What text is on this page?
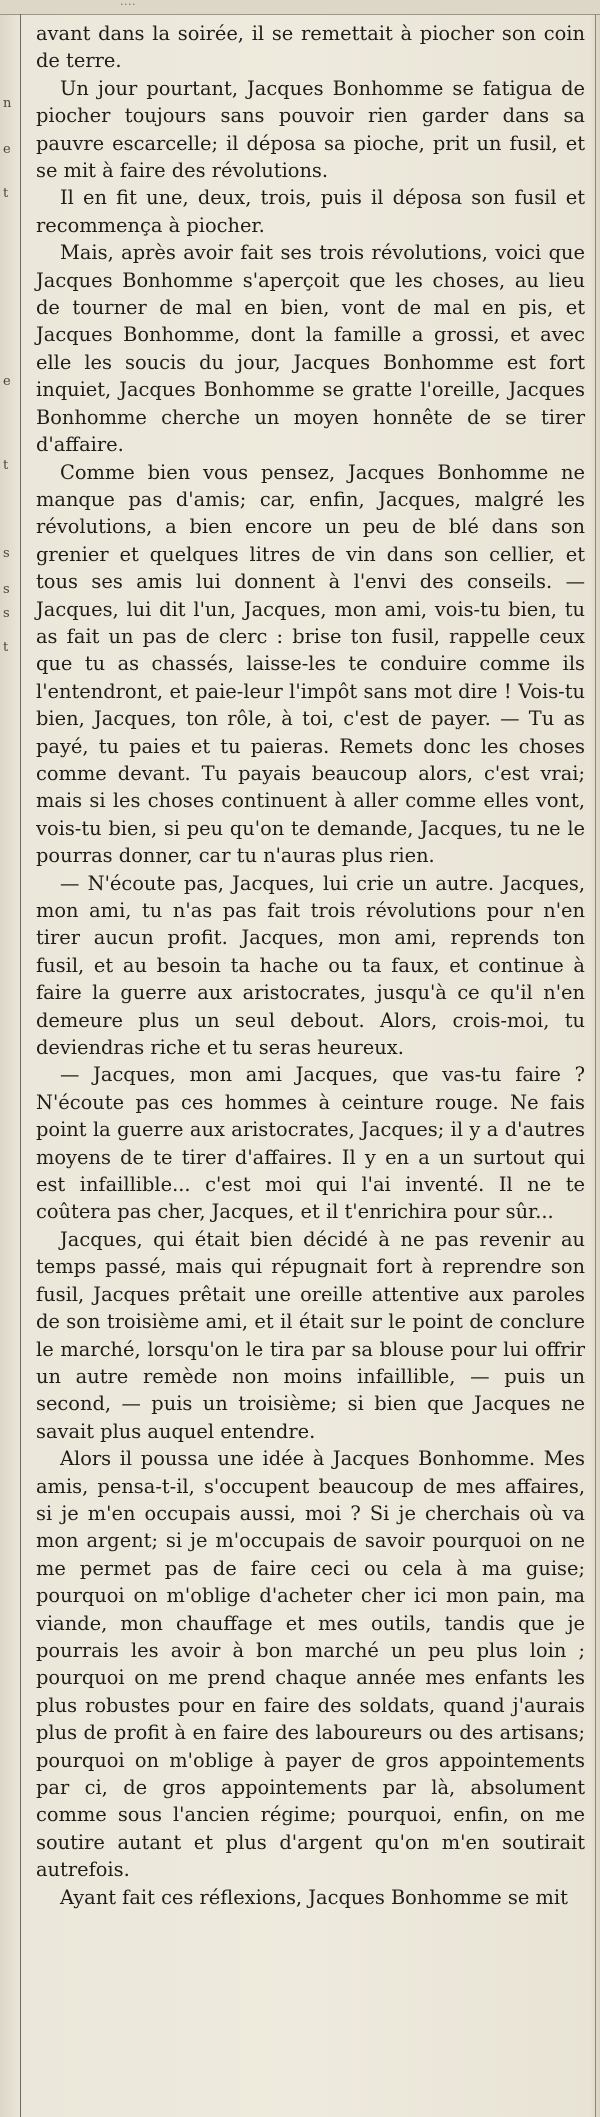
....
n
e
t
e
t
s
s
s
t

avant dans la soirée, il se remettait à piocher son coin de terre.

Un jour pourtant, Jacques Bonhomme se fatigua de piocher toujours sans pouvoir rien garder dans sa pauvre escarcelle; il déposa sa pioche, prit un fusil, et se mit à faire des révolutions.

Il en fit une, deux, trois, puis il déposa son fusil et recommença à piocher.

Mais, après avoir fait ses trois révolutions, voici que Jacques Bonhomme s'aperçoit que les choses, au lieu de tourner de mal en bien, vont de mal en pis, et Jacques Bonhomme, dont la famille a grossi, et avec elle les soucis du jour, Jacques Bonhomme est fort inquiet, Jacques Bonhomme se gratte l'oreille, Jacques Bonhomme cherche un moyen honnête de se tirer d'affaire.

Comme bien vous pensez, Jacques Bonhomme ne manque pas d'amis; car, enfin, Jacques, malgré les révolutions, a bien encore un peu de blé dans son grenier et quelques litres de vin dans son cellier, et tous ses amis lui donnent à l'envi des conseils. — Jacques, lui dit l'un, Jacques, mon ami, vois-tu bien, tu as fait un pas de clerc : brise ton fusil, rappelle ceux que tu as chassés, laisse-les te conduire comme ils l'entendront, et paie-leur l'impôt sans mot dire ! Vois-tu bien, Jacques, ton rôle, à toi, c'est de payer. — Tu as payé, tu paies et tu paieras. Remets donc les choses comme devant. Tu payais beaucoup alors, c'est vrai; mais si les choses continuent à aller comme elles vont, vois-tu bien, si peu qu'on te demande, Jacques, tu ne le pourras donner, car tu n'auras plus rien.

— N'écoute pas, Jacques, lui crie un autre. Jacques, mon ami, tu n'as pas fait trois révolutions pour n'en tirer aucun profit. Jacques, mon ami, reprends ton fusil, et au besoin ta hache ou ta faux, et continue à faire la guerre aux aristocrates, jusqu'à ce qu'il n'en demeure plus un seul debout. Alors, crois-moi, tu deviendras riche et tu seras heureux.

— Jacques, mon ami Jacques, que vas-tu faire ? N'écoute pas ces hommes à ceinture rouge. Ne fais point la guerre aux aristocrates, Jacques; il y a d'autres moyens de te tirer d'affaires. Il y en a un surtout qui est infaillible... c'est moi qui l'ai inventé. Il ne te coûtera pas cher, Jacques, et il t'enrichira pour sûr...

Jacques, qui était bien décidé à ne pas revenir au temps passé, mais qui répugnait fort à reprendre son fusil, Jacques prêtait une oreille attentive aux paroles de son troisième ami, et il était sur le point de conclure le marché, lorsqu'on le tira par sa blouse pour lui offrir un autre remède non moins infaillible, — puis un second, — puis un troisième; si bien que Jacques ne savait plus auquel entendre.

Alors il poussa une idée à Jacques Bonhomme. Mes amis, pensa-t-il, s'occupent beaucoup de mes affaires, si je m'en occupais aussi, moi ? Si je cherchais où va mon argent; si je m'occupais de savoir pourquoi on ne me permet pas de faire ceci ou cela à ma guise; pourquoi on m'oblige d'acheter cher ici mon pain, ma viande, mon chauffage et mes outils, tandis que je pourrais les avoir à bon marché un peu plus loin ; pourquoi on me prend chaque année mes enfants les plus robustes pour en faire des soldats, quand j'aurais plus de profit à en faire des laboureurs ou des artisans; pourquoi on m'oblige à payer de gros appointements par ci, de gros appointements par là, absolument comme sous l'ancien régime; pourquoi, enfin, on me soutire autant et plus d'argent qu'on m'en soutirait autrefois.

Ayant fait ces réflexions, Jacques Bonhomme se mit
